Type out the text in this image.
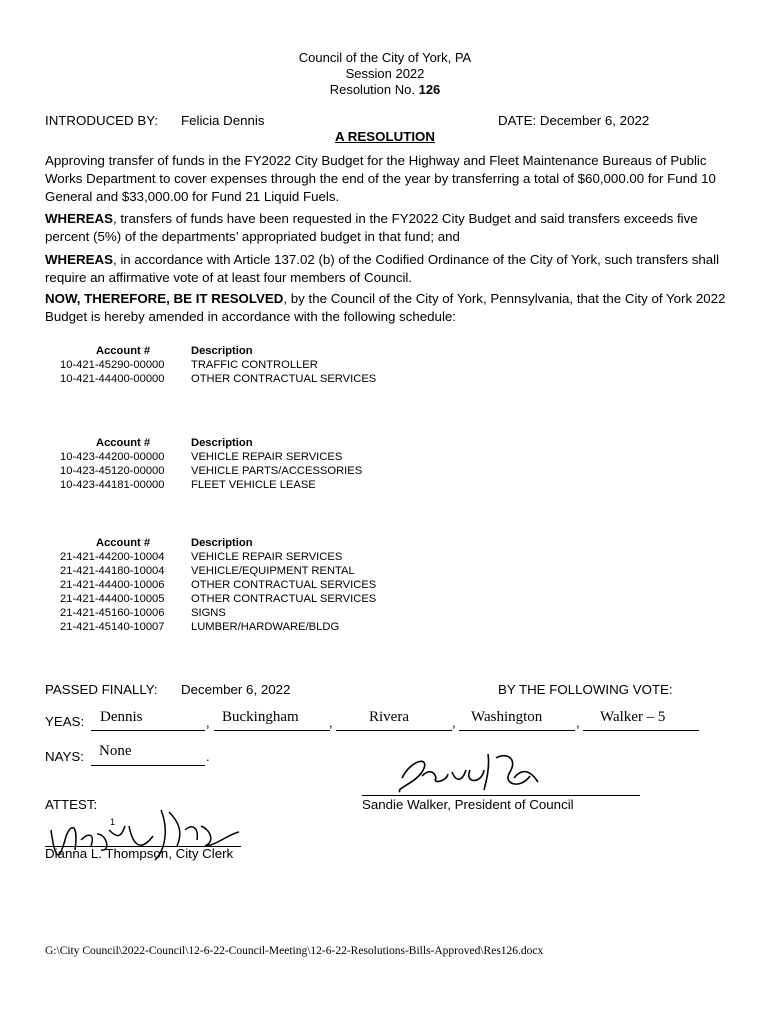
Council of the City of York, PA
Session 2022
Resolution No. 126
INTRODUCED BY: Felicia Dennis	DATE: December 6, 2022
A RESOLUTION
Approving transfer of funds in the FY2022 City Budget for the Highway and Fleet Maintenance Bureaus of Public Works Department to cover expenses through the end of the year by transferring a total of $60,000.00 for Fund 10 General and $33,000.00 for Fund 21 Liquid Fuels.
WHEREAS, transfers of funds have been requested in the FY2022 City Budget and said transfers exceeds five percent (5%) of the departments’ appropriated budget in that fund; and
WHEREAS, in accordance with Article 137.02 (b) of the Codified Ordinance of the City of York, such transfers shall require an affirmative vote of at least four members of Council.
NOW, THEREFORE, BE IT RESOLVED, by the Council of the City of York, Pennsylvania, that the City of York 2022 Budget is hereby amended in accordance with the following schedule:
Account #	Description
10-421-45290-00000 TRAFFIC CONTROLLER
10-421-44400-00000 OTHER CONTRACTUAL SERVICES
Account #	Description
10-423-44200-00000 VEHICLE REPAIR SERVICES
10-423-45120-00000 VEHICLE PARTS/ACCESSORIES
10-423-44181-00000 FLEET VEHICLE LEASE
Account #	Description
21-421-44200-10004 VEHICLE REPAIR SERVICES
21-421-44180-10004 VEHICLE/EQUIPMENT RENTAL
21-421-44400-10006 OTHER CONTRACTUAL SERVICES
21-421-44400-10005 OTHER CONTRACTUAL SERVICES
21-421-45160-10006 SIGNS
21-421-45140-10007 LUMBER/HARDWARE/BLDG
PASSED FINALLY: December 6, 2022	BY THE FOLLOWING VOTE:
YEAS:	,	,	,	,
Dennis	Buckingham	Rivera	Washington	Walker – 5
NAYS:	.
None
Sandie Walker, President of Council
ATTEST:
1
Dianna L. Thompson, City Clerk
G:\City Council\2022-Council\12-6-22-Council-Meeting\12-6-22-Resolutions-Bills-Approved\Res126.docx
